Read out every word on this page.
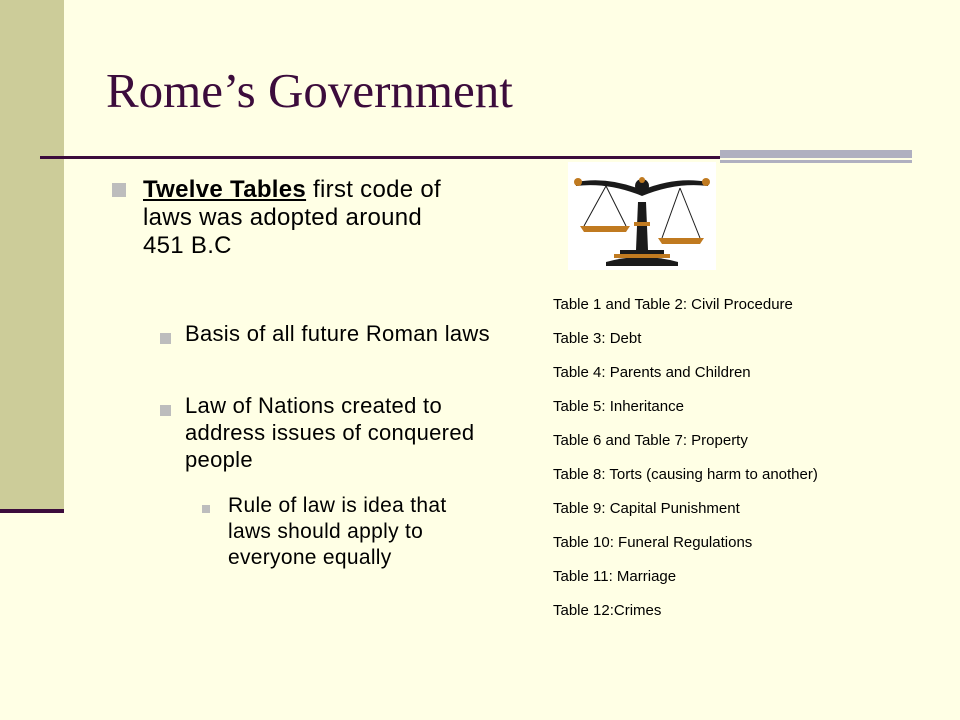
Rome’s Government
Twelve Tables first code of laws was adopted around 451 B.C
Basis of all future Roman laws
Law of Nations created to address issues of conquered people
Rule of law is idea that laws should apply to everyone equally
Table 1 and Table 2: Civil Procedure
Table 3: Debt
Table 4: Parents and Children
Table 5: Inheritance
Table 6 and Table 7: Property
Table 8: Torts (causing harm to another)
Table 9: Capital Punishment
Table 10: Funeral Regulations
Table 11: Marriage
Table 12:Crimes
